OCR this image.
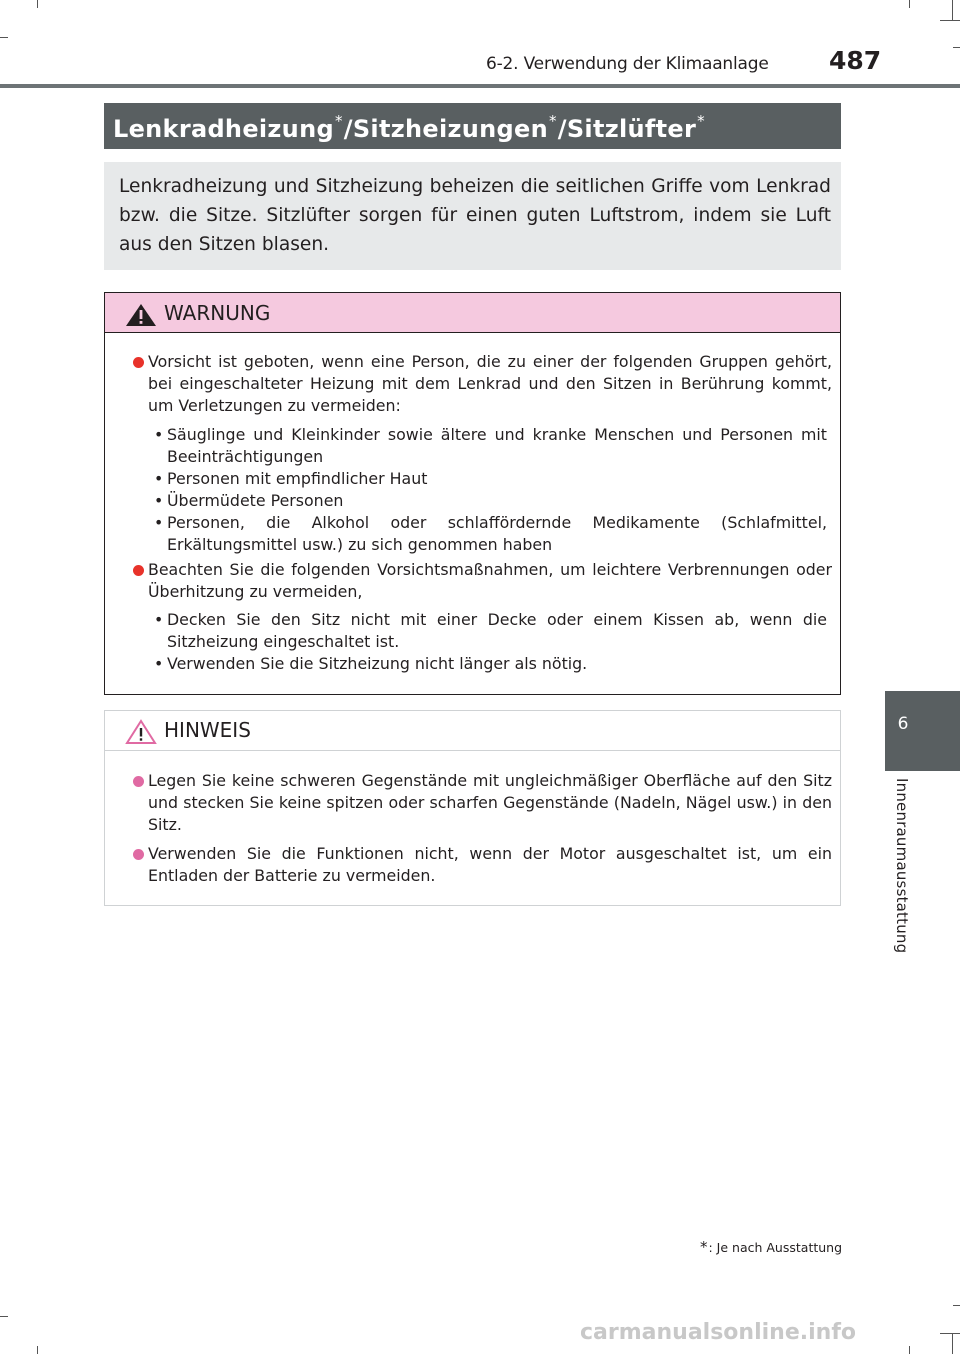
6-2. Verwendung der Klimaanlage 487
6
Innenraumausstattung
Lenkradheizung*/Sitzheizungen*/Sitzlüfter*
Lenkradheizung und Sitzheizung beheizen die seitlichen Griffe vom Lenkrad bzw. die Sitze. Sitzlüfter sorgen für einen guten Luftstrom, indem sie Luft aus den Sitzen blasen.
WARNUNG
Vorsicht ist geboten, wenn eine Person, die zu einer der folgenden Gruppen gehört, bei eingeschalteter Heizung mit dem Lenkrad und den Sitzen in Berührung kommt, um Verletzungen zu vermeiden:
• Säuglinge und Kleinkinder sowie ältere und kranke Menschen und Personen mit Beeinträchtigungen
• Personen mit empfindlicher Haut
• Übermüdete Personen
• Personen, die Alkohol oder schlaffördernde Medikamente (Schlafmittel, Erkältungsmittel usw.) zu sich genommen haben
Beachten Sie die folgenden Vorsichtsmaßnahmen, um leichtere Verbrennungen oder Überhitzung zu vermeiden,
• Decken Sie den Sitz nicht mit einer Decke oder einem Kissen ab, wenn die Sitzheizung eingeschaltet ist.
• Verwenden Sie die Sitzheizung nicht länger als nötig.
HINWEIS
Legen Sie keine schweren Gegenstände mit ungleichmäßiger Oberfläche auf den Sitz und stecken Sie keine spitzen oder scharfen Gegenstände (Nadeln, Nägel usw.) in den Sitz.
Verwenden Sie die Funktionen nicht, wenn der Motor ausgeschaltet ist, um ein Entladen der Batterie zu vermeiden.
*: Je nach Ausstattung
carmanualsonline.info
